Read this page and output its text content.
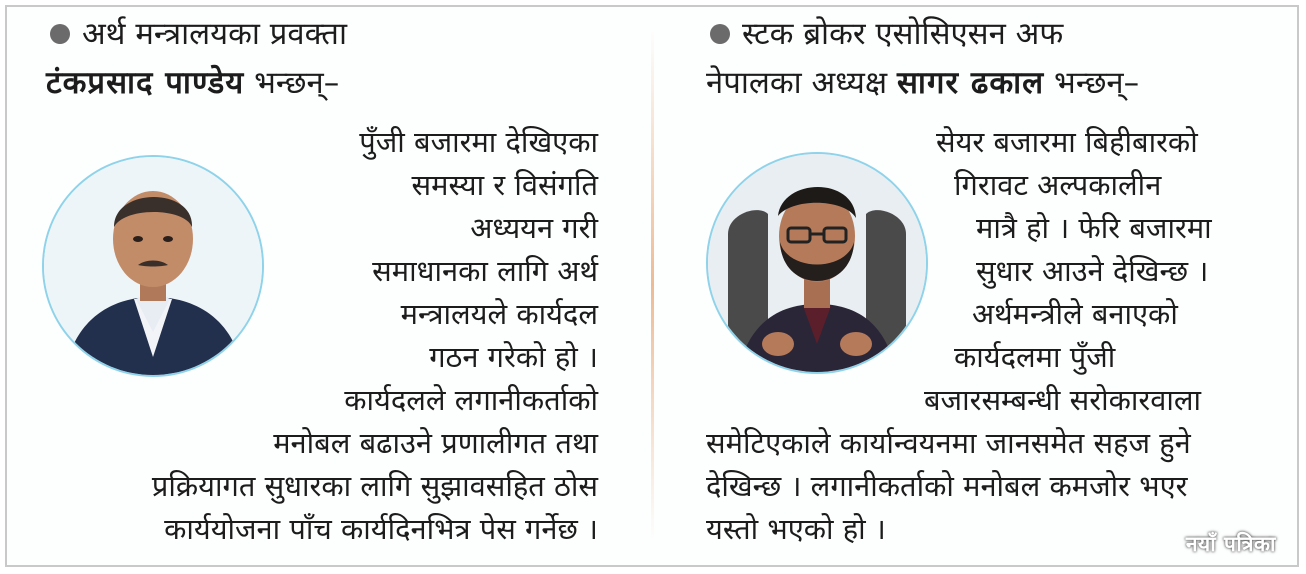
अर्थ मन्त्रालयका प्रवक्ता
टंकप्रसाद पाण्डेय भन्छन्–
पुँजी बजारमा देखिएका
समस्या र विसंगति
अध्ययन गरी
समाधानका लागि अर्थ
मन्त्रालयले कार्यदल
गठन गरेको हो ।
कार्यदलले लगानीकर्ताको
मनोबल बढाउने प्रणालीगत तथा
प्रक्रियागत सुधारका लागि सुझावसहित ठोस
कार्ययोजना पाँच कार्यदिनभित्र पेस गर्नेछ ।
स्टक ब्रोकर एसोसिएसन अफ
नेपालका अध्यक्ष सागर ढकाल भन्छन्–
सेयर बजारमा बिहीबारको
गिरावट अल्पकालीन
मात्रै हो । फेरि बजारमा
सुधार आउने देखिन्छ ।
अर्थमन्त्रीले बनाएको
कार्यदलमा पुँजी
बजारसम्बन्धी सरोकारवाला
समेटिएकाले कार्यान्वयनमा जानसमेत सहज हुने
देखिन्छ । लगानीकर्ताको मनोबल कमजोर भएर
यस्तो भएको हो ।	नयाँ पत्रिका
